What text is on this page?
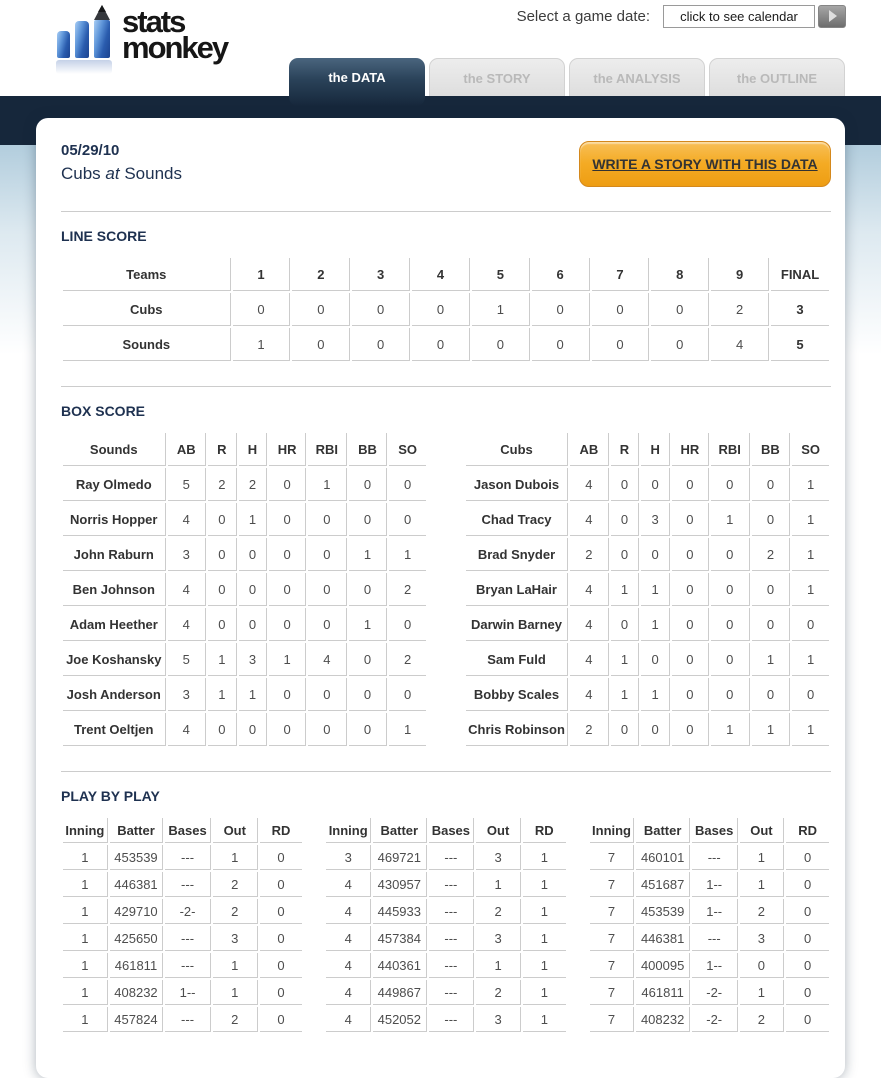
stats
monkey
Select a game date:
click to see calendar
the DATA	the STORY	the ANALYSIS	the OUTLINE
05/29/10
Cubs at Sounds	WRITE A STORY WITH THIS DATA
LINE SCORE
Teams	1	2	3	4	5	6	7	8	9	FINAL
Cubs	0	0	0	0	1	0	0	0	2	3
Sounds	1	0	0	0	0	0	0	0	4	5
BOX SCORE
Sounds	AB	R	H	HR	RBI	BB	SO
Ray Olmedo	5	2	2	0	1	0	0
Norris Hopper	4	0	1	0	0	0	0
John Raburn	3	0	0	0	0	1	1
Ben Johnson	4	0	0	0	0	0	2
Adam Heether	4	0	0	0	0	1	0
Joe Koshansky	5	1	3	1	4	0	2
Josh Anderson	3	1	1	0	0	0	0
Trent Oeltjen	4	0	0	0	0	0	1
Cubs	AB	R	H	HR	RBI	BB	SO
Jason Dubois	4	0	0	0	0	0	1
Chad Tracy	4	0	3	0	1	0	1
Brad Snyder	2	0	0	0	0	2	1
Bryan LaHair	4	1	1	0	0	0	1
Darwin Barney	4	0	1	0	0	0	0
Sam Fuld	4	1	0	0	0	1	1
Bobby Scales	4	1	1	0	0	0	0
Chris Robinson	2	0	0	0	1	1	1
PLAY BY PLAY
Inning	Batter	Bases	Out	RD
1	453539	---	1	0
1	446381	---	2	0
1	429710	-2-	2	0
1	425650	---	3	0
1	461811	---	1	0
1	408232	1--	1	0
1	457824	---	2	0
Inning	Batter	Bases	Out	RD
3	469721	---	3	1
4	430957	---	1	1
4	445933	---	2	1
4	457384	---	3	1
4	440361	---	1	1
4	449867	---	2	1
4	452052	---	3	1
Inning	Batter	Bases	Out	RD
7	460101	---	1	0
7	451687	1--	1	0
7	453539	1--	2	0
7	446381	---	3	0
7	400095	1--	0	0
7	461811	-2-	1	0
7	408232	-2-	2	0
